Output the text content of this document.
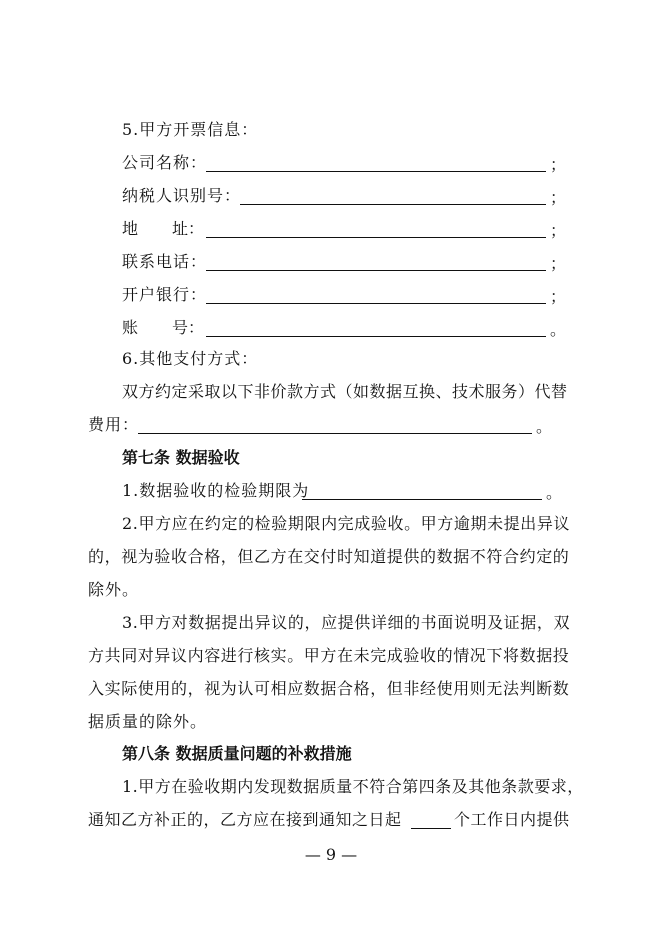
5.甲方开票信息：
公司名称：	；
纳税人识别号：	；
地 址：	；
联系电话：	；
开户银行：	；
账 号：	。
6.其他支付方式：
双方约定采取以下非价款方式（如数据互换、技术服务）代替
费用：	。
第七条 数据验收
1.数据验收的检验期限为	。
2.甲方应在约定的检验期限内完成验收。甲方逾期未提出异议
的，视为验收合格，但乙方在交付时知道提供的数据不符合约定的
除外。
3.甲方对数据提出异议的，应提供详细的书面说明及证据，双
方共同对异议内容进行核实。甲方在未完成验收的情况下将数据投
入实际使用的，视为认可相应数据合格，但非经使用则无法判断数
据质量的除外。
第八条 数据质量问题的补救措施
1.甲方在验收期内发现数据质量不符合第四条及其他条款要求，
通知乙方补正的，乙方应在接到通知之日起	个工作日内提供
— 9 —
